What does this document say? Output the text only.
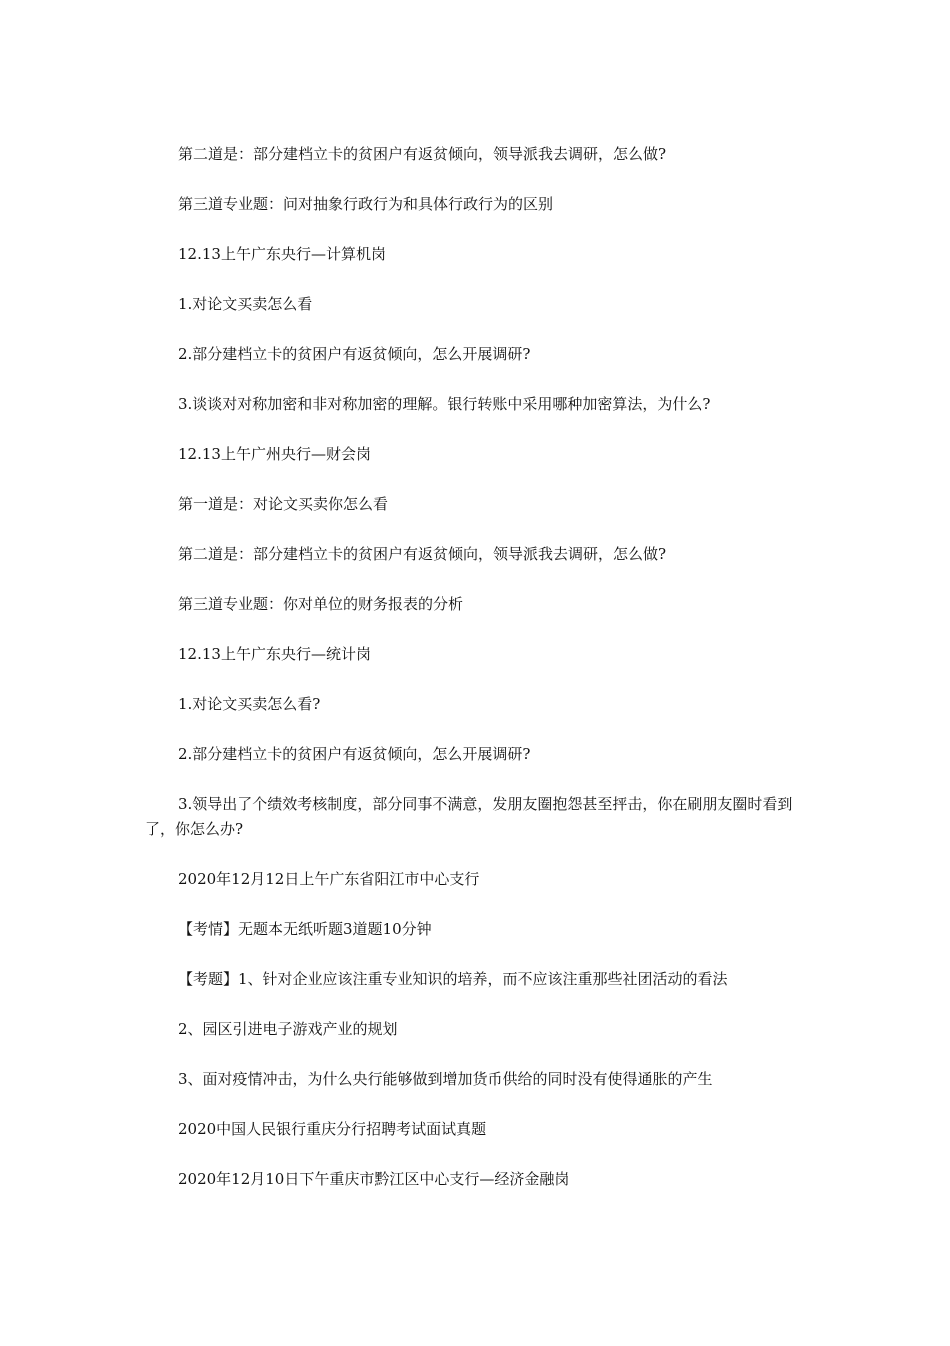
第二道是：部分建档立卡的贫困户有返贫倾向，领导派我去调研，怎么做?

第三道专业题：问对抽象行政行为和具体行政行为的区别

12.13上午广东央行—计算机岗

1.对论文买卖怎么看

2.部分建档立卡的贫困户有返贫倾向，怎么开展调研?

3.谈谈对对称加密和非对称加密的理解。银行转账中采用哪种加密算法，为什么?

12.13上午广州央行—财会岗

第一道是：对论文买卖你怎么看

第二道是：部分建档立卡的贫困户有返贫倾向，领导派我去调研，怎么做?

第三道专业题：你对单位的财务报表的分析

12.13上午广东央行—统计岗

1.对论文买卖怎么看?

2.部分建档立卡的贫困户有返贫倾向，怎么开展调研?

3.领导出了个绩效考核制度，部分同事不满意，发朋友圈抱怨甚至抨击，你在刷朋友圈时看到了，你怎么办?

2020年12月12日上午广东省阳江市中心支行

【考情】无题本无纸听题3道题10分钟

【考题】1、针对企业应该注重专业知识的培养，而不应该注重那些社团活动的看法

2、园区引进电子游戏产业的规划

3、面对疫情冲击，为什么央行能够做到增加货币供给的同时没有使得通胀的产生

2020中国人民银行重庆分行招聘考试面试真题

2020年12月10日下午重庆市黔江区中心支行—经济金融岗
